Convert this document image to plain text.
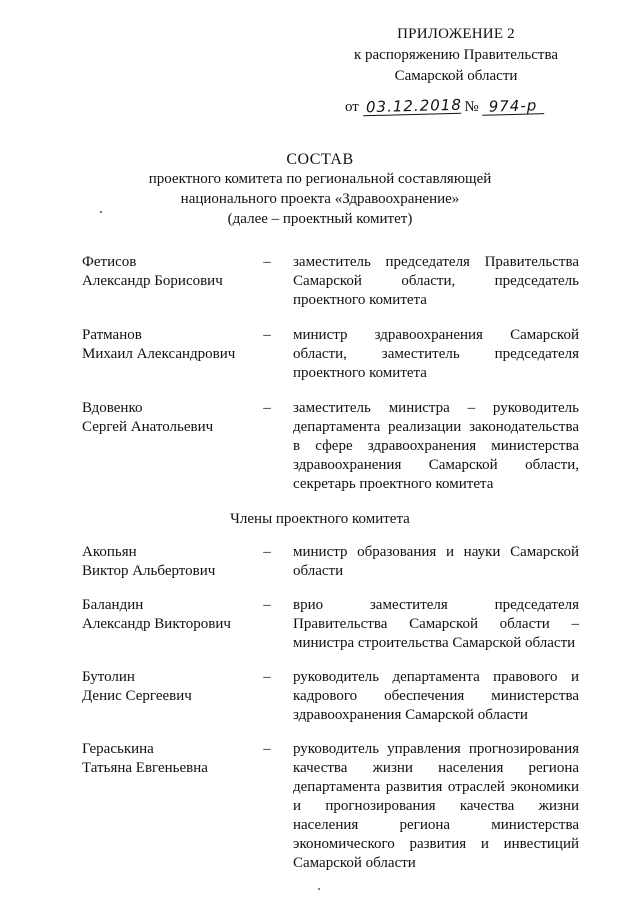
ПРИЛОЖЕНИЕ 2
к распоряжению Правительства
Самарской области
от 03.12.2018 № 974-р
СОСТАВ
проектного комитета по региональной составляющей
национального проекта «Здравоохранение»
(далее – проектный комитет)
Фетисов
Александр Борисович
– заместитель председателя Правительства Самарской области, председатель проектного комитета
Ратманов
Михаил Александрович
– министр здравоохранения Самарской области, заместитель председателя проектного комитета
Вдовенко
Сергей Анатольевич
– заместитель министра – руководитель департамента реализации законодательства в сфере здравоохранения министерства здравоохранения Самарской области, секретарь проектного комитета
Члены проектного комитета
Акопьян
Виктор Альбертович
– министр образования и науки Самарской области
Баландин
Александр Викторович
– врио заместителя председателя Правительства Самарской области – министра строительства Самарской области
Бутолин
Денис Сергеевич
– руководитель департамента правового и кадрового обеспечения министерства здравоохранения Самарской области
Гераськина
Татьяна Евгеньевна
– руководитель управления прогнозирования качества жизни населения региона департамента развития отраслей экономики и прогнозирования качества жизни населения региона министерства экономического развития и инвестиций Самарской области
